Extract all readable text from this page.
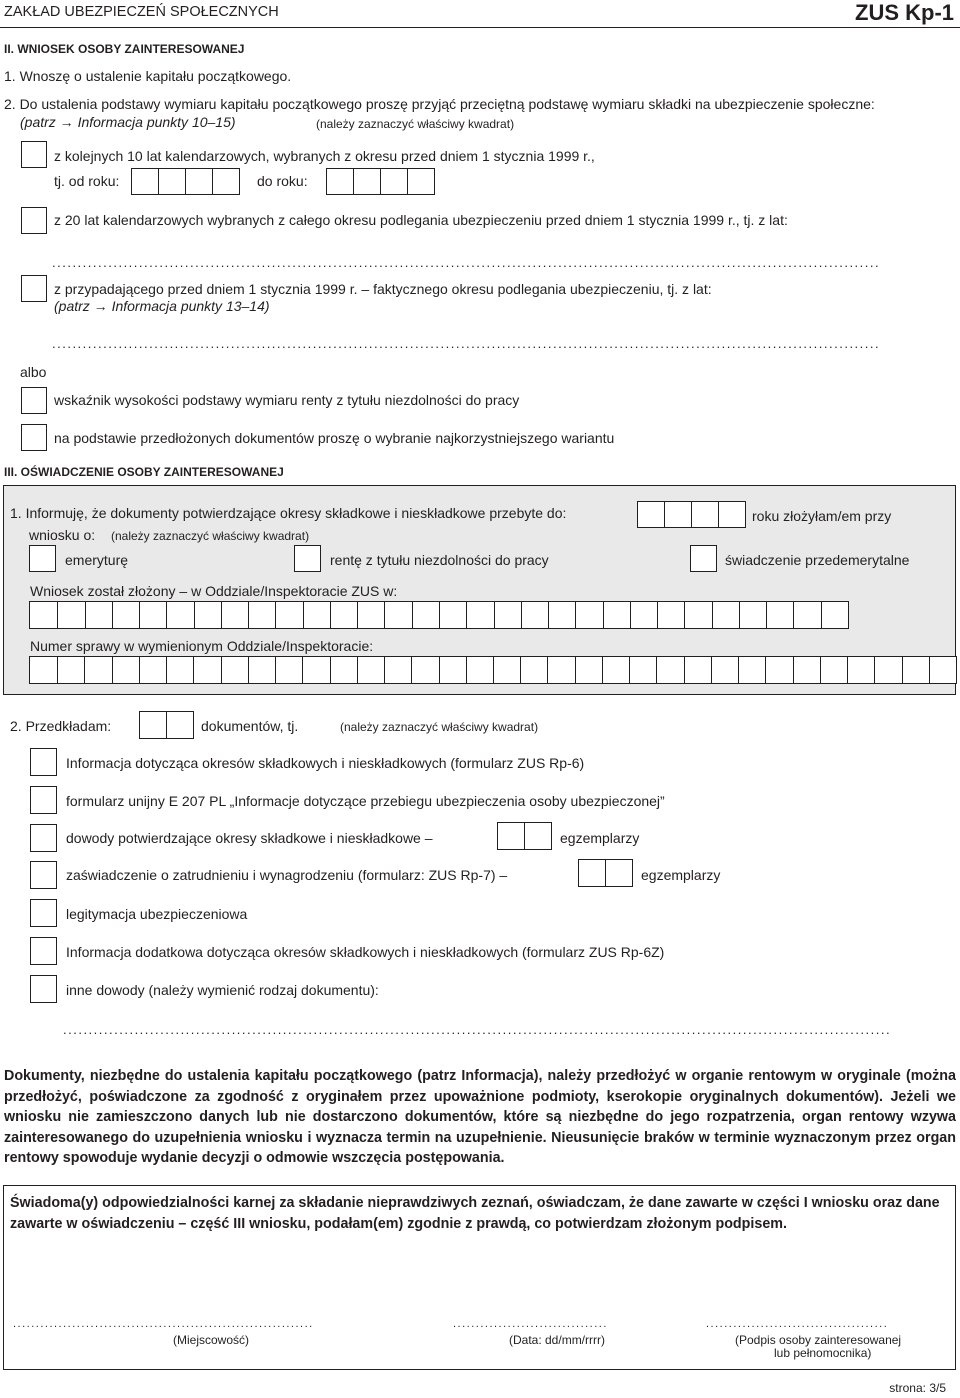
ZAKŁAD UBEZPIECZEŃ SPOŁECZNYCH	ZUS Kp-1
II. WNIOSEK OSOBY ZAINTERESOWANEJ
1. Wnoszę o ustalenie kapitału początkowego.
2. Do ustalenia podstawy wymiaru kapitału początkowego proszę przyjąć przeciętną podstawę wymiaru składki na ubezpieczenie społeczne:
(patrz → Informacja punkty 10–15)	(należy zaznaczyć właściwy kwadrat)
z kolejnych 10 lat kalendarzowych, wybranych z okresu przed dniem 1 stycznia 1999 r.,
tj. od roku:	do roku:
z 20 lat kalendarzowych wybranych z całego okresu podlegania ubezpieczeniu przed dniem 1 stycznia 1999 r., tj. z lat:
..................................................................................................................................................................
z przypadającego przed dniem 1 stycznia 1999 r. – faktycznego okresu podlegania ubezpieczeniu, tj. z lat:
(patrz → Informacja punkty 13–14)
..................................................................................................................................................................
albo
wskaźnik wysokości podstawy wymiaru renty z tytułu niezdolności do pracy
na podstawie przedłożonych dokumentów proszę o wybranie najkorzystniejszego wariantu
III. OŚWIADCZENIE OSOBY ZAINTERESOWANEJ
1. Informuję, że dokumenty potwierdzające okresy składkowe i nieskładkowe przebyte do:	roku złożyłam/em przy
wniosku o: (należy zaznaczyć właściwy kwadrat)
emeryturę	rentę z tytułu niezdolności do pracy	świadczenie przedemerytalne
Wniosek został złożony – w Oddziale/Inspektoracie ZUS w:
Numer sprawy w wymienionym Oddziale/Inspektoracie:
2. Przedkładam:	dokumentów, tj.	(należy zaznaczyć właściwy kwadrat)
Informacja dotycząca okresów składkowych i nieskładkowych (formularz ZUS Rp-6)
formularz unijny E 207 PL „Informacje dotyczące przebiegu ubezpieczenia osoby ubezpieczonej”
dowody potwierdzające okresy składkowe i nieskładkowe –	egzemplarzy
zaświadczenie o zatrudnieniu i wynagrodzeniu (formularz: ZUS Rp-7) –	egzemplarzy
legitymacja ubezpieczeniowa
Informacja dodatkowa dotycząca okresów składkowych i nieskładkowych (formularz ZUS Rp-6Z)
inne dowody (należy wymienić rodzaj dokumentu):
..................................................................................................................................................................
Dokumenty, niezbędne do ustalenia kapitału początkowego (patrz Informacja), należy przedłożyć w organie rentowym w oryginale (można przedłożyć, poświadczone za zgodność z oryginałem przez upoważnione podmioty, kserokopie oryginalnych dokumentów). Jeżeli we wniosku nie zamieszczono danych lub nie dostarczono dokumentów, które są niezbędne do jego rozpatrzenia, organ rentowy wzywa zainteresowanego do uzupełnienia wniosku i wyznacza termin na uzupełnienie. Nieusunięcie braków w terminie wyznaczonym przez organ rentowy spowoduje wydanie decyzji o odmowie wszczęcia postępowania.
Świadoma(y) odpowiedzialności karnej za składanie nieprawdziwych zeznań, oświadczam, że dane zawarte w części I wniosku oraz dane zawarte w oświadczeniu – część III wniosku, podałam(em) zgodnie z prawdą, co potwierdzam złożonym podpisem.
..................................................................
(Miejscowość)
..................................
(Data: dd/mm/rrrr)
........................................
(Podpis osoby zainteresowanej
lub pełnomocnika)
strona: 3/5
